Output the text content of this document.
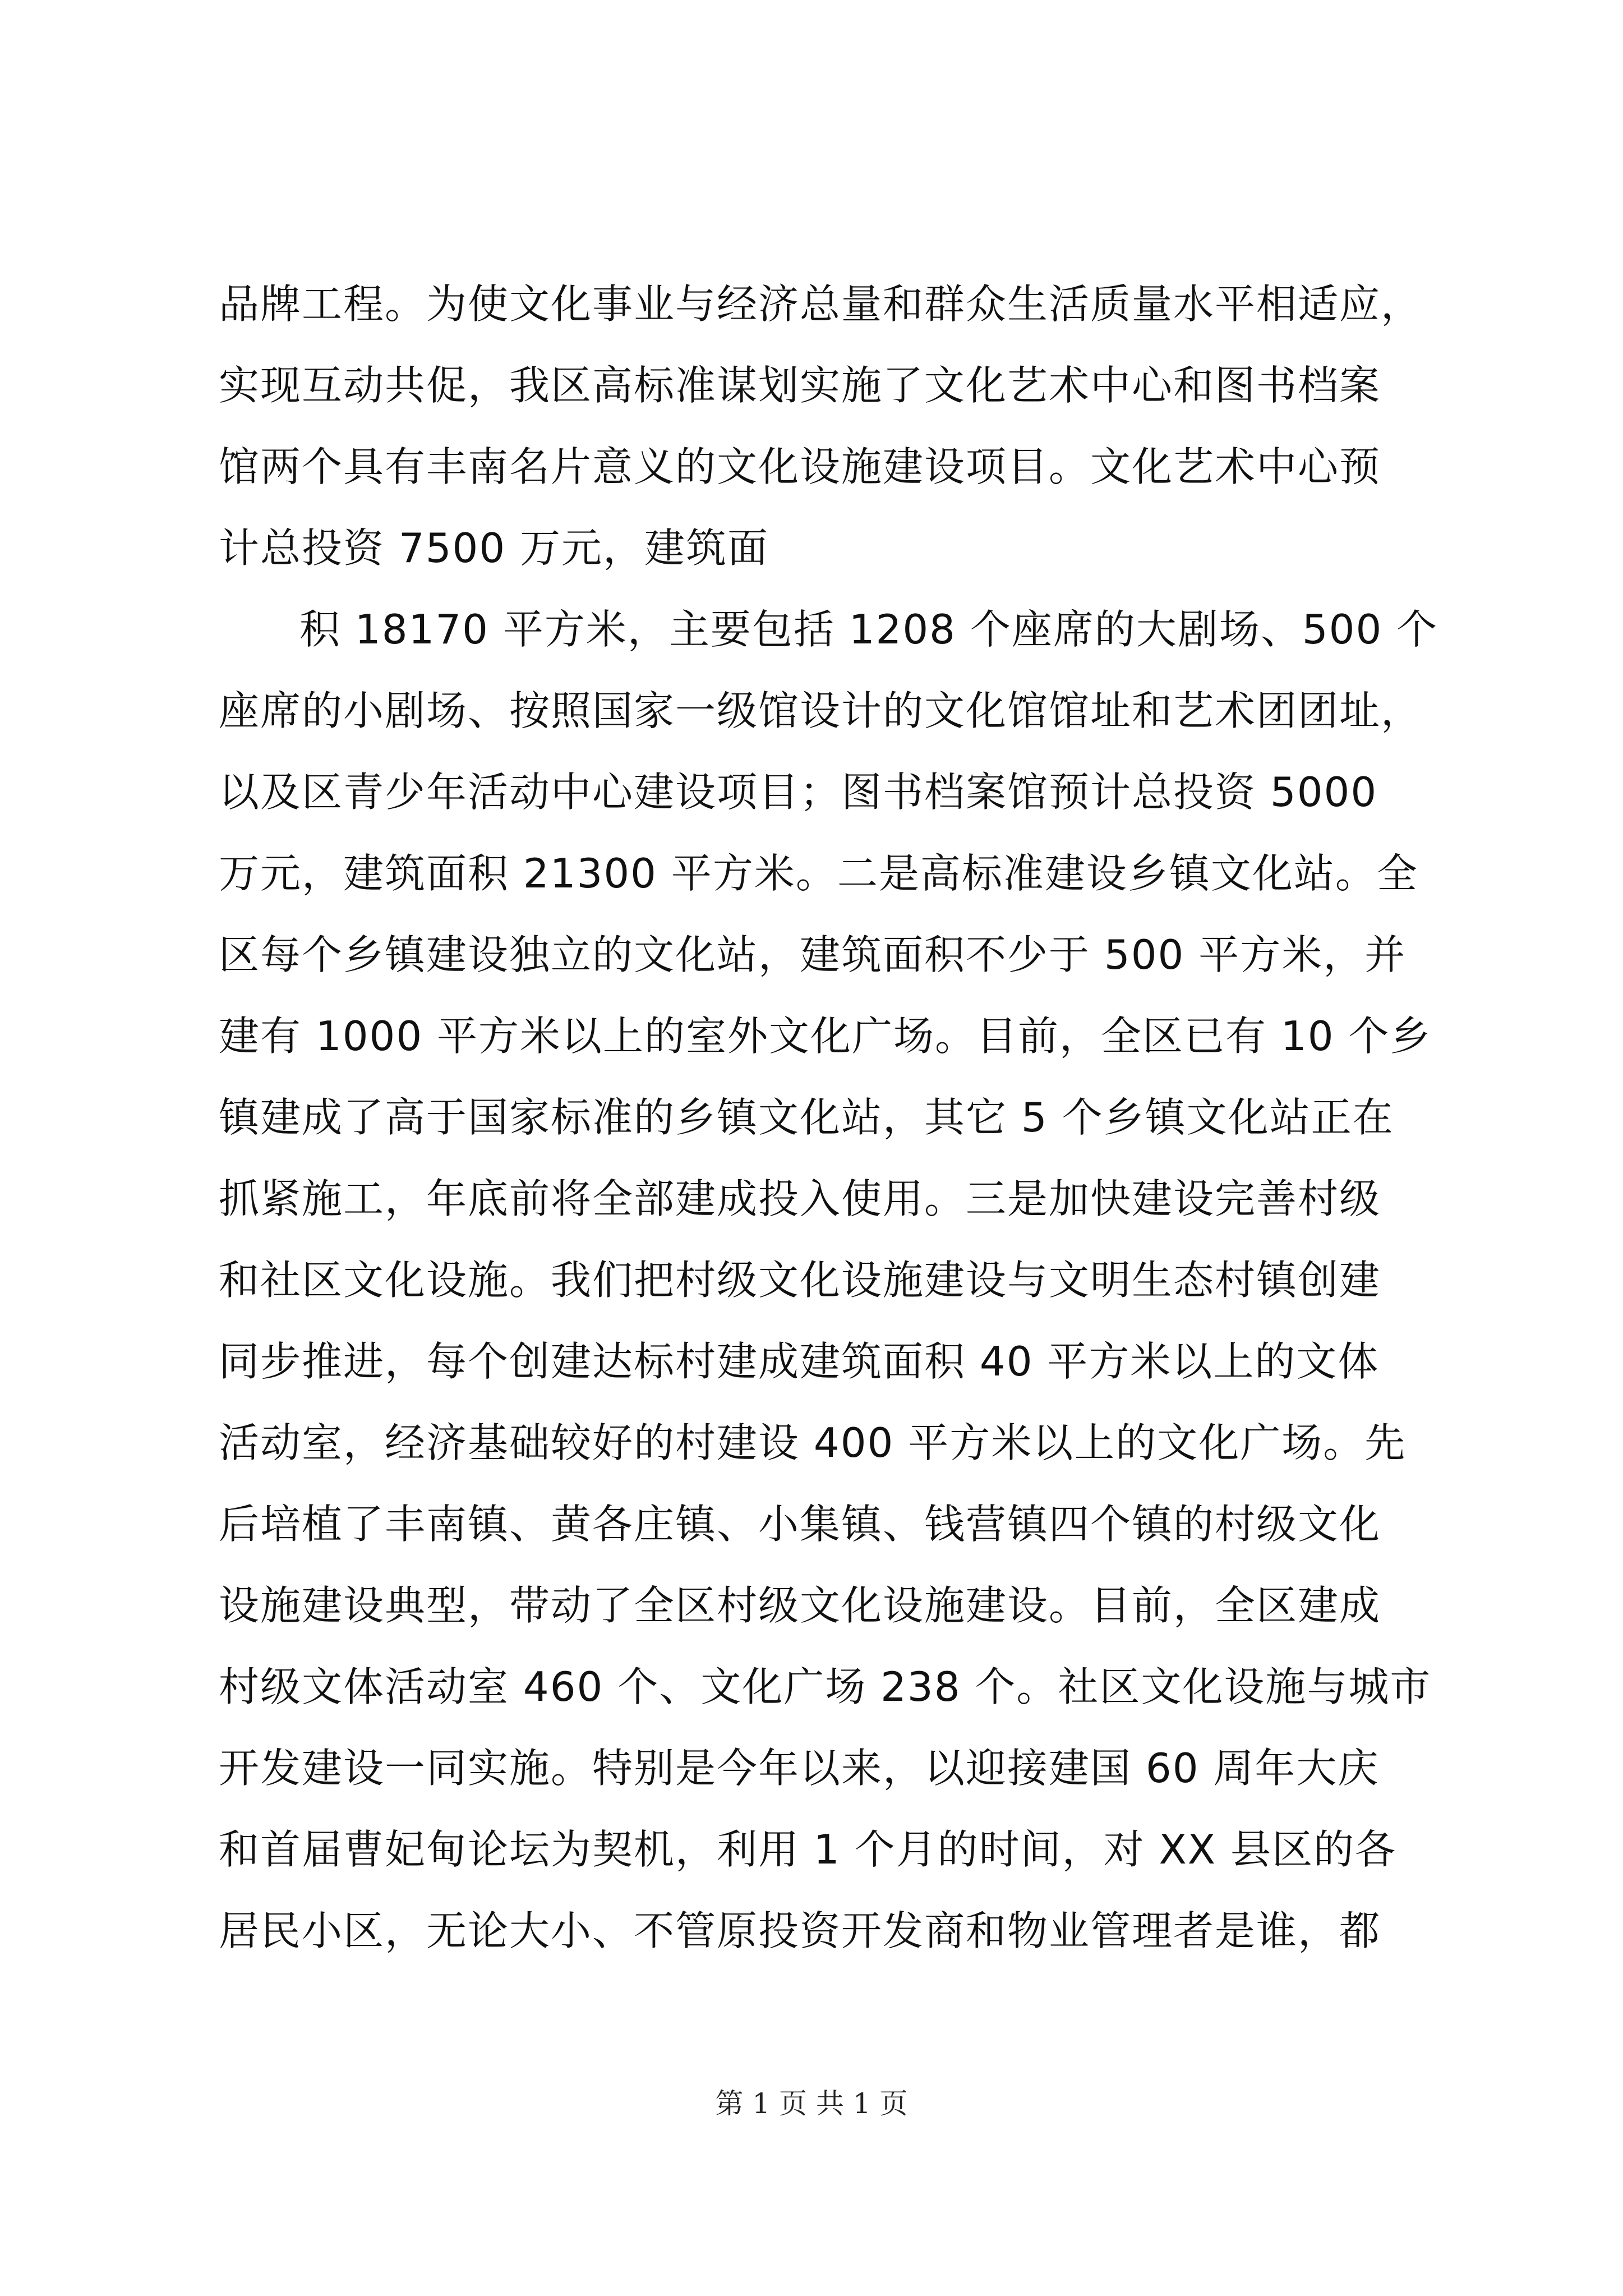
品牌工程。为使文化事业与经济总量和群众生活质量水平相适应，
实现互动共促，我区高标准谋划实施了文化艺术中心和图书档案
馆两个具有丰南名片意义的文化设施建设项目。文化艺术中心预
计总投资 7500 万元，建筑面
积 18170 平方米，主要包括 1208 个座席的大剧场、500 个
座席的小剧场、按照国家一级馆设计的文化馆馆址和艺术团团址，
以及区青少年活动中心建设项目；图书档案馆预计总投资 5000
万元，建筑面积 21300 平方米。二是高标准建设乡镇文化站。全
区每个乡镇建设独立的文化站，建筑面积不少于 500 平方米，并
建有 1000 平方米以上的室外文化广场。目前，全区已有 10 个乡
镇建成了高于国家标准的乡镇文化站，其它 5 个乡镇文化站正在
抓紧施工，年底前将全部建成投入使用。三是加快建设完善村级
和社区文化设施。我们把村级文化设施建设与文明生态村镇创建
同步推进，每个创建达标村建成建筑面积 40 平方米以上的文体
活动室，经济基础较好的村建设 400 平方米以上的文化广场。先
后培植了丰南镇、黄各庄镇、小集镇、钱营镇四个镇的村级文化
设施建设典型，带动了全区村级文化设施建设。目前，全区建成
村级文体活动室 460 个、文化广场 238 个。社区文化设施与城市
开发建设一同实施。特别是今年以来，以迎接建国 60 周年大庆
和首届曹妃甸论坛为契机，利用 1 个月的时间，对 XX 县区的各
居民小区，无论大小、不管原投资开发商和物业管理者是谁，都
第 1 页 共 1 页
